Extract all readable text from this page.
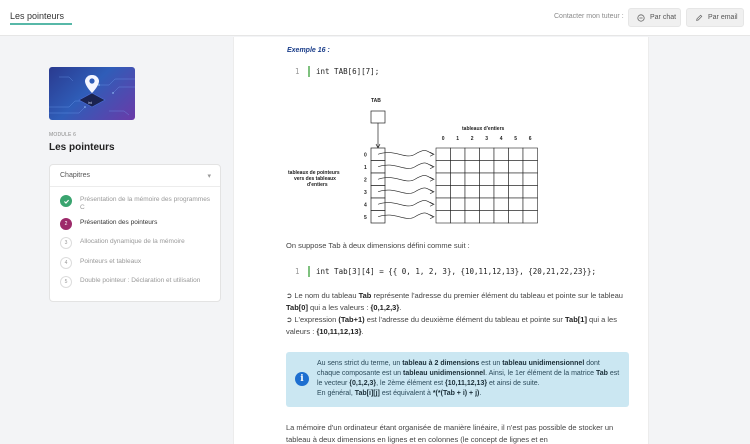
Les pointeurs	Contacter mon tuteur :	Par chat	Par email
int
MODULE 6
Les pointeurs
Chapitres	▾
Présentation de la mémoire des programmes C
2	Présentation des pointeurs
3	Allocation dynamique de la mémoire
4	Pointeurs et tableaux
5	Double pointeur : Déclaration et utilisation
Exemple 16 :
1	int TAB[6][7];
TAB
tableaux d'entiers
tableaux de pointeurs
vers des tableaux
d'entiers
0
1
2
3
4
5
0 1 2 3 4 5 6
On suppose Tab à deux dimensions défini comme suit :
1	int Tab[3][4] = {{ 0, 1, 2, 3}, {10,11,12,13}, {20,21,22,23}};
➲ Le nom du tableau Tab représente l'adresse du premier élément du tableau et pointe sur le tableau Tab[0] qui a les valeurs : {0,1,2,3}.
➲ L'expression (Tab+1) est l'adresse du deuxième élément du tableau et pointe sur Tab[1] qui a les valeurs : {10,11,12,13}.
i
Au sens strict du terme, un tableau à 2 dimensions est un tableau unidimensionnel dont chaque composante est un tableau unidimensionnel. Ainsi, le 1er élément de la matrice Tab est le vecteur {0,1,2,3}, le 2ème élément est {10,11,12,13} et ainsi de suite.
En général, Tab[i][j] est équivalent à *(*(Tab + i) + j).
La mémoire d'un ordinateur étant organisée de manière linéaire, il n'est pas possible de stocker un tableau à deux dimensions en lignes et en colonnes (le concept de lignes et en
